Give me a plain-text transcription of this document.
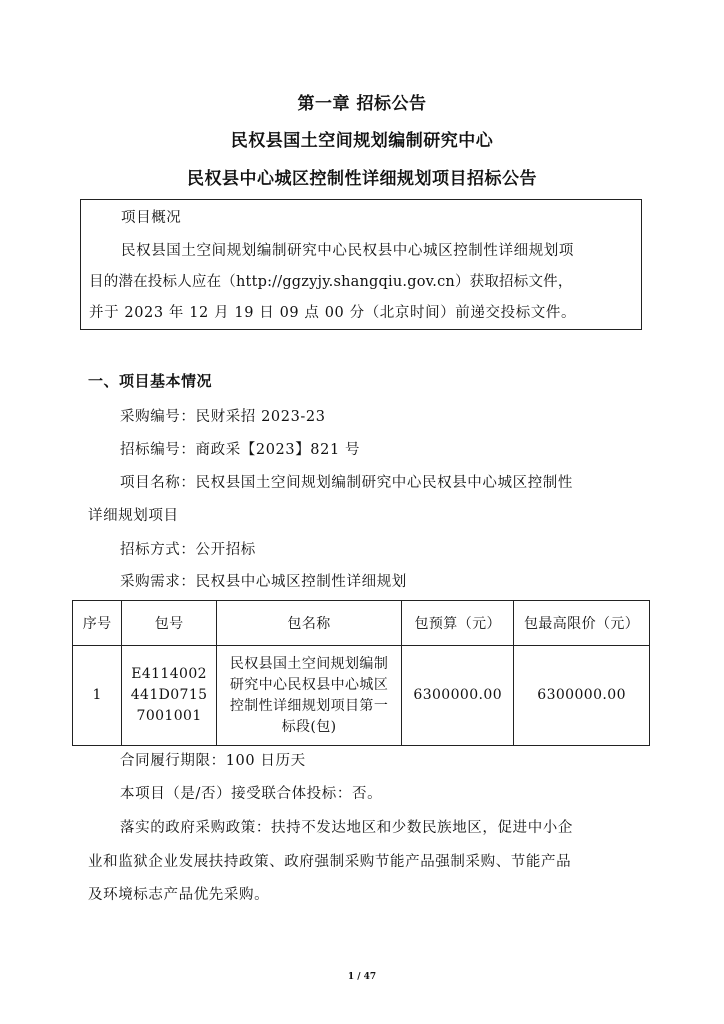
第一章 招标公告
民权县国土空间规划编制研究中心
民权县中心城区控制性详细规划项目招标公告
项目概况
民权县国土空间规划编制研究中心民权县中心城区控制性详细规划项
目的潜在投标人应在（http://ggzyjy.shangqiu.gov.cn）获取招标文件，
并于 2023 年 12 月 19 日 09 点 00 分（北京时间）前递交投标文件。
一、项目基本情况
采购编号：民财采招 2023-23
招标编号：商政采【2023】821 号
项目名称：民权县国土空间规划编制研究中心民权县中心城区控制性
详细规划项目
招标方式：公开招标
采购需求：民权县中心城区控制性详细规划
序号	包号	包名称	包预算（元）	包最高限价（元）
1	E4114002441D07157001001	民权县国土空间规划编制研究中心民权县中心城区控制性详细规划项目第一标段(包)	6300000.00	6300000.00
合同履行期限：100 日历天
本项目（是/否）接受联合体投标：否。
落实的政府采购政策：扶持不发达地区和少数民族地区，促进中小企
业和监狱企业发展扶持政策、政府强制采购节能产品强制采购、节能产品
及环境标志产品优先采购。
1 / 47
